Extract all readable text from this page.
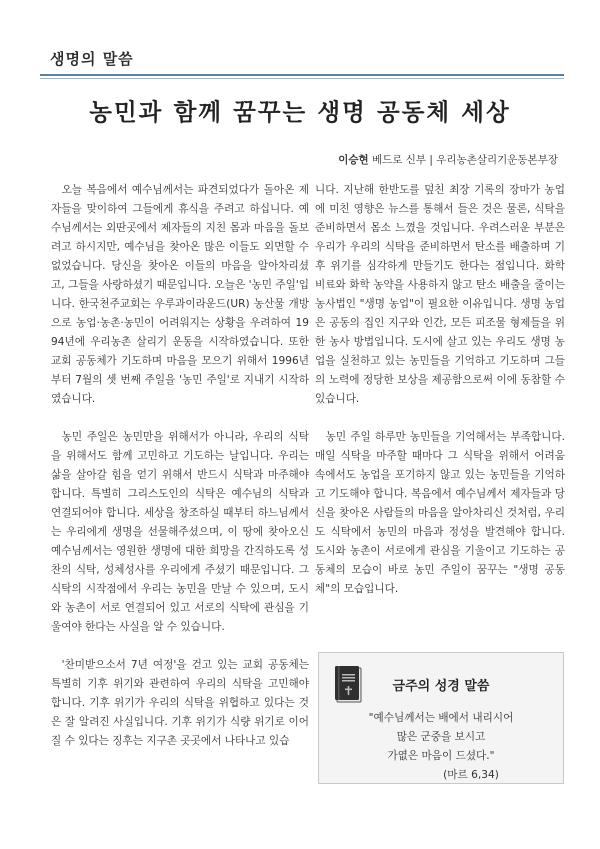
생명의 말씀
농민과 함께 꿈꾸는 생명 공동체 세상
이승현 베드로 신부 | 우리농촌살리기운동본부장

오늘 복음에서 예수님께서는 파견되었다가 돌아온 제자들을 맞이하여 그들에게 휴식을 주려고 하십니다. 예수님께서는 외딴곳에서 제자들의 지친 몸과 마음을 돌보려고 하시지만, 예수님을 찾아온 많은 이들도 외면할 수 없었습니다. 당신을 찾아온 이들의 마음을 알아차리셨고, 그들을 사랑하셨기 때문입니다. 오늘은 '농민 주일'입니다. 한국천주교회는 우루과이라운드(UR) 농산물 개방으로 농업·농촌·농민이 어려워지는 상황을 우려하여 1994년에 우리농촌 살리기 운동을 시작하였습니다. 또한 교회 공동체가 기도하며 마음을 모으기 위해서 1996년부터 7월의 셋 번째 주일을 '농민 주일'로 지내기 시작하였습니다.

농민 주일은 농민만을 위해서가 아니라, 우리의 식탁을 위해서도 함께 고민하고 기도하는 날입니다. 우리는 삶을 살아갈 힘을 얻기 위해서 반드시 식탁과 마주해야 합니다. 특별히 그리스도인의 식탁은 예수님의 식탁과 연결되어야 합니다. 세상을 창조하실 때부터 하느님께서는 우리에게 생명을 선물해주셨으며, 이 땅에 찾아오신 예수님께서는 영원한 생명에 대한 희망을 간직하도록 성찬의 식탁, 성체성사를 우리에게 주셨기 때문입니다. 그 식탁의 시작점에서 우리는 농민을 만날 수 있으며, 도시와 농촌이 서로 연결되어 있고 서로의 식탁에 관심을 기울여야 한다는 사실을 알 수 있습니다.

'찬미받으소서 7년 여정'을 걷고 있는 교회 공동체는 특별히 기후 위기와 관련하여 우리의 식탁을 고민해야 합니다. 기후 위기가 우리의 식탁을 위협하고 있다는 것은 잘 알려진 사실입니다. 기후 위기가 식량 위기로 이어질 수 있다는 징후는 지구촌 곳곳에서 나타나고 있습

니다. 지난해 한반도를 덮친 최장 기록의 장마가 농업에 미친 영향은 뉴스를 통해서 들은 것은 물론, 식탁을 준비하면서 몸소 느꼈을 것입니다. 우려스러운 부분은 우리가 우리의 식탁을 준비하면서 탄소를 배출하며 기후 위기를 심각하게 만들기도 한다는 점입니다. 화학 비료와 화학 농약을 사용하지 않고 탄소 배출을 줄이는 농사법인 "생명 농업"이 필요한 이유입니다. 생명 농업은 공동의 집인 지구와 인간, 모든 피조물 형제들을 위한 농사 방법입니다. 도시에 살고 있는 우리도 생명 농업을 실천하고 있는 농민들을 기억하고 기도하며 그들의 노력에 정당한 보상을 제공함으로써 이에 동참할 수 있습니다.

농민 주일 하루만 농민들을 기억해서는 부족합니다. 매일 식탁을 마주할 때마다 그 식탁을 위해서 어려움 속에서도 농업을 포기하지 않고 있는 농민들을 기억하고 기도해야 합니다. 복음에서 예수님께서 제자들과 당신을 찾아온 사람들의 마음을 알아차리신 것처럼, 우리도 식탁에서 농민의 마음과 정성을 발견해야 합니다. 도시와 농촌이 서로에게 관심을 기울이고 기도하는 공동체의 모습이 바로 농민 주일이 꿈꾸는 "생명 공동체"의 모습입니다.

금주의 성경 말씀
"예수님께서는 배에서 내리시어
많은 군중을 보시고
가엾은 마음이 드셨다."
(마르 6,34)
